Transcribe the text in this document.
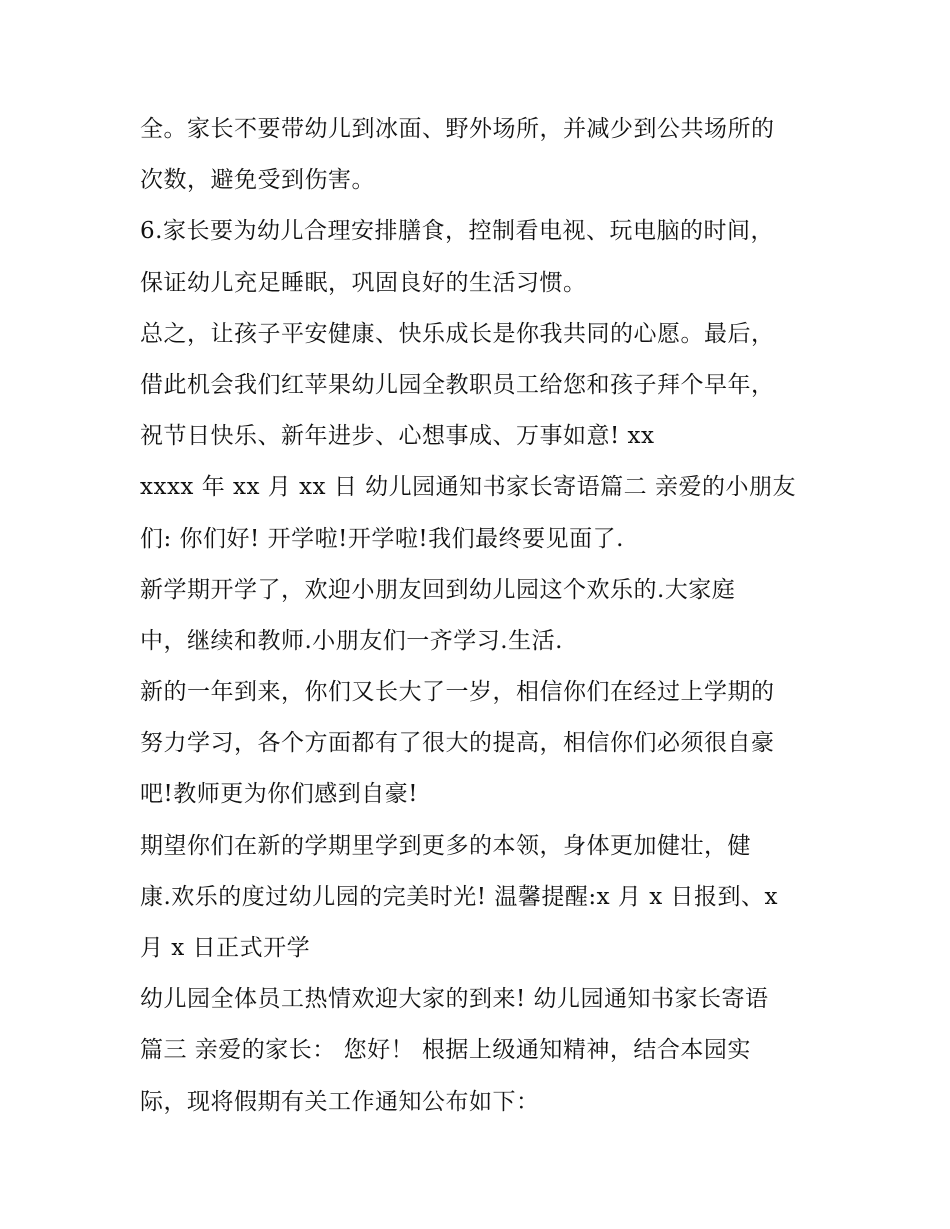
全。家长不要带幼儿到冰面、野外场所，并减少到公共场所的
次数，避免受到伤害。
6.家长要为幼儿合理安排膳食，控制看电视、玩电脑的时间，
保证幼儿充足睡眠，巩固良好的生活习惯。
总之，让孩子平安健康、快乐成长是你我共同的心愿。最后，
借此机会我们红苹果幼儿园全教职员工给您和孩子拜个早年，
祝节日快乐、新年进步、心想事成、万事如意! xx
xxxx 年 xx 月 xx 日 幼儿园通知书家长寄语篇二 亲爱的小朋友
们: 你们好! 开学啦!开学啦!我们最终要见面了.
新学期开学了，欢迎小朋友回到幼儿园这个欢乐的.大家庭
中，继续和教师.小朋友们一齐学习.生活.
新的一年到来，你们又长大了一岁，相信你们在经过上学期的
努力学习，各个方面都有了很大的提高，相信你们必须很自豪
吧!教师更为你们感到自豪!
期望你们在新的学期里学到更多的本领，身体更加健壮，健
康.欢乐的度过幼儿园的完美时光! 温馨提醒:x 月 x 日报到、x
月 x 日正式开学
幼儿园全体员工热情欢迎大家的到来! 幼儿园通知书家长寄语
篇三 亲爱的家长： 您好！ 根据上级通知精神，结合本园实
际，现将假期有关工作通知公布如下：
